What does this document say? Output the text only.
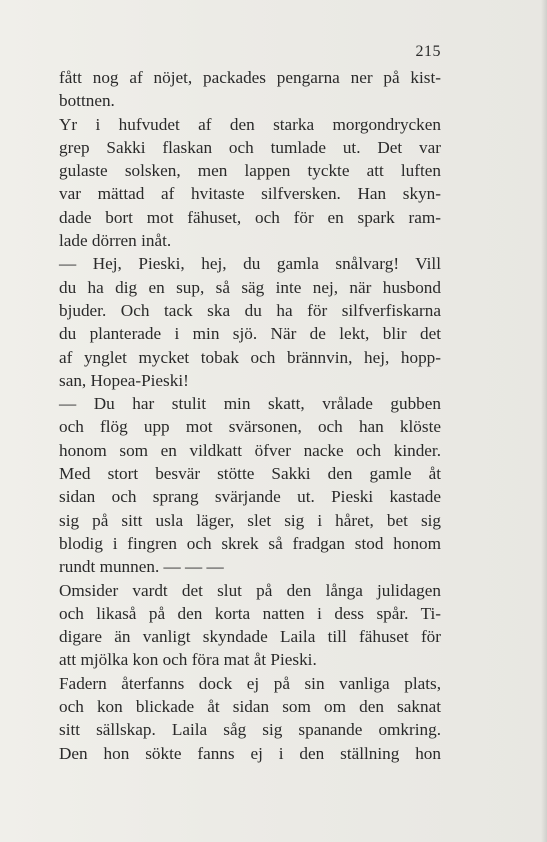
215
fått nog af nöjet, packades pengarna ner på kist-
bottnen.
Yr i hufvudet af den starka morgondrycken
grep Sakki flaskan och tumlade ut. Det var
gulaste solsken, men lappen tyckte att luften
var mättad af hvitaste silfversken. Han skyn-
dade bort mot fähuset, och för en spark ram-
lade dörren inåt.
— Hej, Pieski, hej, du gamla snålvarg! Vill
du ha dig en sup, så säg inte nej, när husbond
bjuder. Och tack ska du ha för silfverfiskarna
du planterade i min sjö. När de lekt, blir det
af ynglet mycket tobak och brännvin, hej, hopp-
san, Hopea-Pieski!
— Du har stulit min skatt, vrålade gubben
och flög upp mot svärsonen, och han klöste
honom som en vildkatt öfver nacke och kinder.
Med stort besvär stötte Sakki den gamle åt
sidan och sprang svärjande ut. Pieski kastade
sig på sitt usla läger, slet sig i håret, bet sig
blodig i fingren och skrek så fradgan stod honom
rundt munnen. — — —
Omsider vardt det slut på den långa julidagen
och likaså på den korta natten i dess spår. Ti-
digare än vanligt skyndade Laila till fähuset för
att mjölka kon och föra mat åt Pieski.
Fadern återfanns dock ej på sin vanliga plats,
och kon blickade åt sidan som om den saknat
sitt sällskap. Laila såg sig spanande omkring.
Den hon sökte fanns ej i den ställning hon
